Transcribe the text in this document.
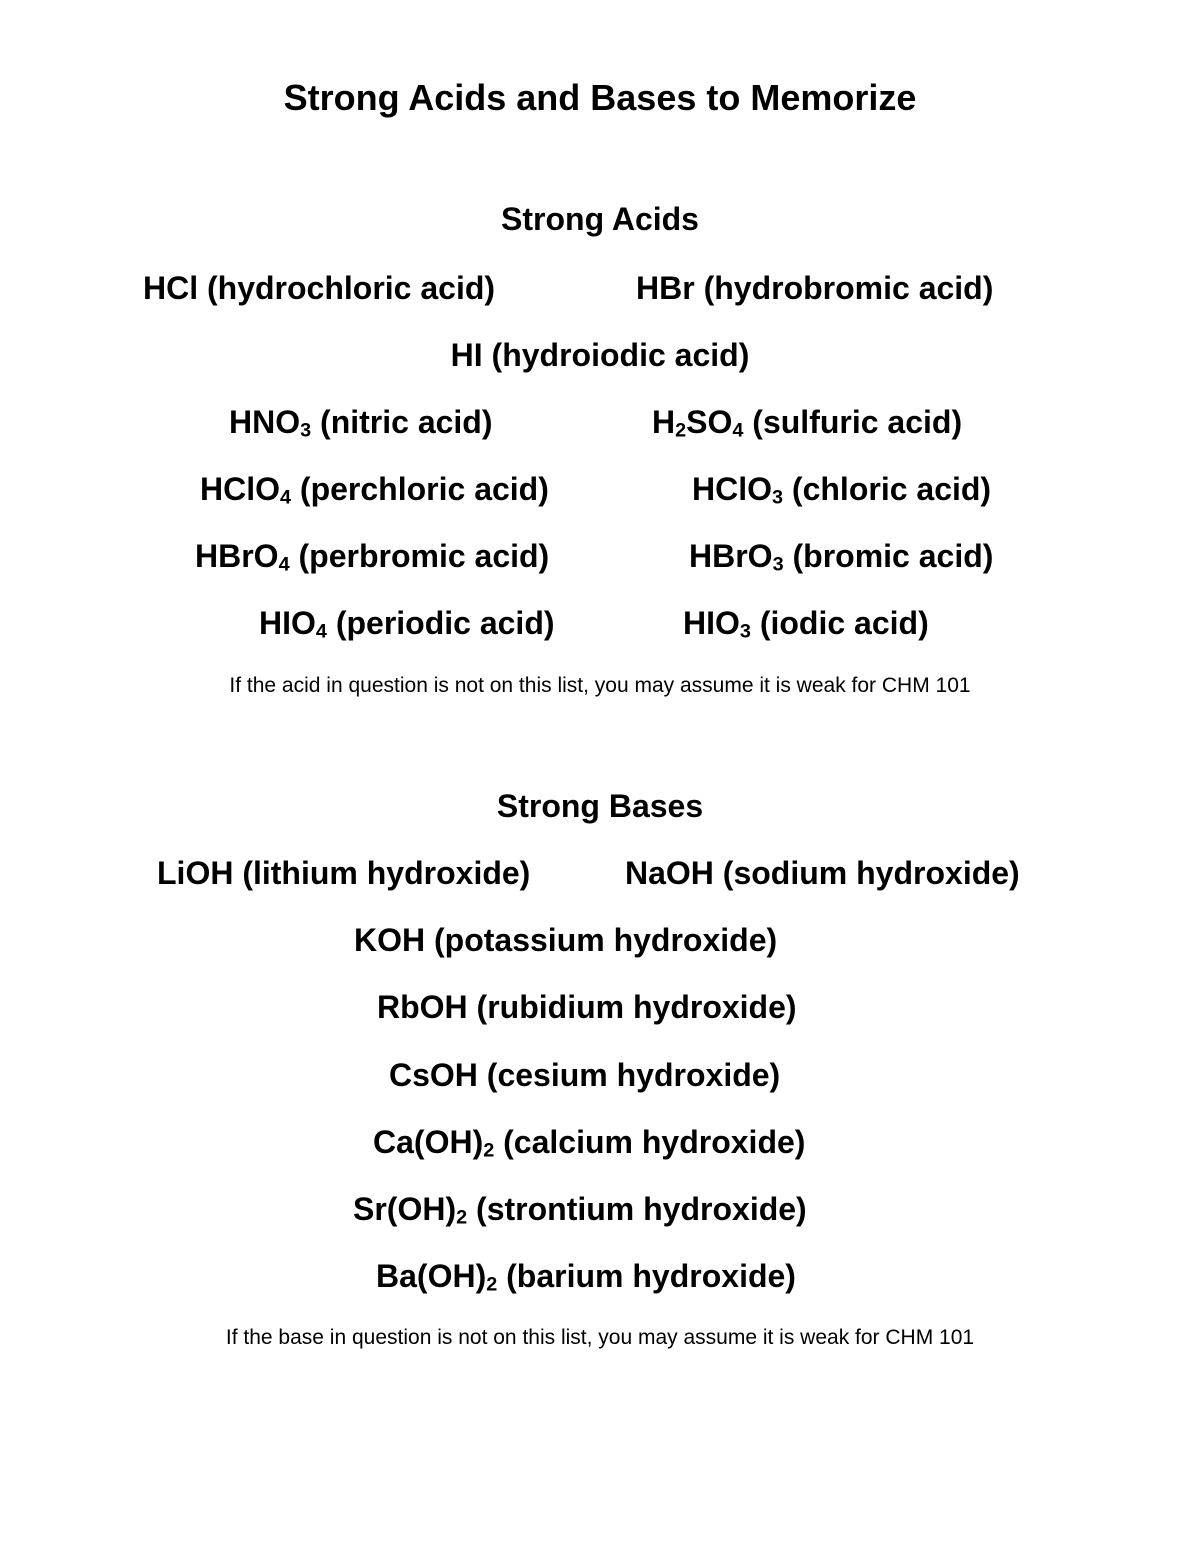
Strong Acids and Bases to Memorize
Strong Acids
HCl (hydrochloric acid)	HBr (hydrobromic acid)
HI (hydroiodic acid)
$HNO_3$ (nitric acid)	$H_2SO_4$ (sulfuric acid)
HClO$_4$ (perchloric acid)	HClO$_3$ (chloric acid)
HBrO$_4$ (perbromic acid)	HBrO$_3$ (bromic acid)
$HIO_4$ (periodic acid)	$HIO_3$ (iodic acid)
If the acid in question is not on this list, you may assume it is weak for CHM 101
Strong Bases
LiOH (lithium hydroxide)	NaOH (sodium hydroxide)
KOH (potassium hydroxide)
RbOH (rubidium hydroxide)
CsOH (cesium hydroxide)
$Ca(OH)_2$ (calcium hydroxide)
$Sr(OH)_2$ (strontium hydroxide)
$Ba(OH)_2$ (barium hydroxide)
If the base in question is not on this list, you may assume it is weak for CHM 101
